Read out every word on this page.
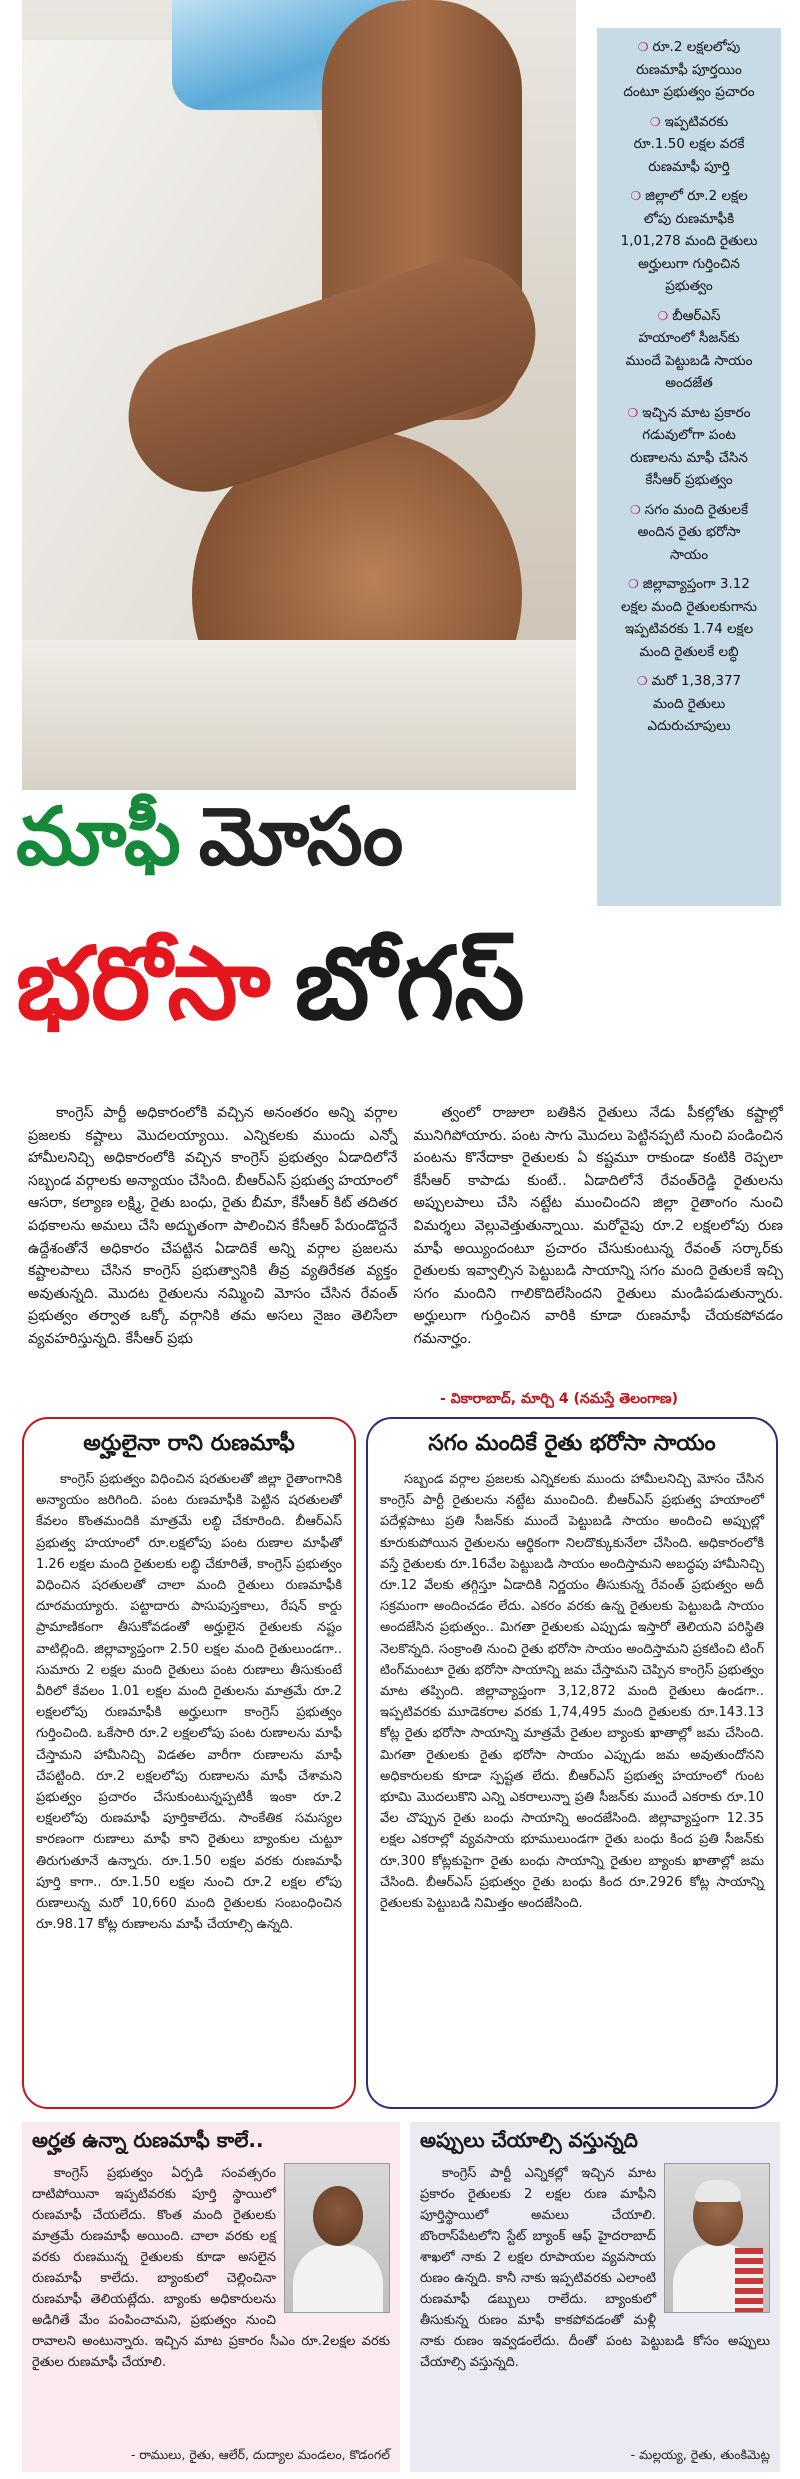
❍ రూ.2 లక్షలలోపు
రుణమాఫీ పూర్తయిం
దంటూ ప్రభుత్వం ప్రచారం
❍ ఇప్పటివరకు
రూ.1.50 లక్షల వరకే
రుణమాఫీ పూర్తి
❍ జిల్లాలో రూ.2 లక్షల
లోపు రుణమాఫీకి
1,01,278 మంది రైతులు
అర్హులుగా గుర్తించిన
ప్రభుత్వం
❍ బీఆర్ఎస్
హయాంలో సీజన్‌కు
ముందే పెట్టుబడి సాయం
అందజేత
❍ ఇచ్చిన మాట ప్రకారం
గడువులోగా పంట
రుణాలను మాఫీ చేసిన
కేసీఆర్ ప్రభుత్వం
❍ సగం మంది రైతులకే
అందిన రైతు భరోసా
సాయం
❍ జిల్లావ్యాప్తంగా 3.12
లక్షల మంది రైతులకుగాను
ఇప్పటివరకు 1.74 లక్షల
మంది రైతులకే లబ్ధి
❍ మరో 1,38,377
మంది రైతులు
ఎదురుచూపులు
మాఫీ మోసం
భరోసా బోగస్

కాంగ్రెస్ పార్టీ అధికారంలోకి వచ్చిన అనంతరం అన్ని వర్గాల ప్రజలకు కష్టాలు మొదలయ్యాయి. ఎన్నికలకు ముందు ఎన్నో హామీలనిచ్చి అధికారంలోకి వచ్చిన కాంగ్రెస్ ప్రభుత్వం ఏడాదిలోనే సబ్బండ వర్గాలకు అన్యాయం చేసింది. బీఆర్ఎస్ ప్రభుత్వ హయాంలో ఆసరా, కల్యాణ లక్ష్మి, రైతు బంధు, రైతు బీమా, కేసీఆర్ కిట్ తదితర పథకాలను అమలు చేసి అద్భుతంగా పాలించిన కేసీఆర్ పేరుండొద్దనే ఉద్దేశంతోనే అధికారం చేపట్టిన ఏడాదికే అన్ని వర్గాల ప్రజలను కష్టాలపాలు చేసిన కాంగ్రెస్ ప్రభుత్వానికి తీవ్ర వ్యతిరేకత వ్యక్తం అవుతున్నది. మొదట రైతులను నమ్మించి మోసం చేసిన రేవంత్ ప్రభుత్వం తర్వాత ఒక్కో వర్గానికి తమ అసలు నైజం తెలిసేలా వ్యవహరిస్తున్నది. కేసీఆర్ ప్రభు

త్వంలో రాజులా బతికిన రైతులు నేడు పీకల్లోతు కష్టాల్లో మునిగిపోయారు. పంట సాగు మొదలు పెట్టినప్పటి నుంచి పండించిన పంటను కొనేదాకా రైతులకు ఏ కష్టమూ రాకుండా కంటికి రెప్పలా కేసీఆర్ కాపాడు కుంటే.. ఏడాదిలోనే రేవంత్‌రెడ్డి రైతులను అప్పులపాలు చేసి నట్టేట ముంచిందని జిల్లా రైతాంగం నుంచి విమర్శలు వెల్లువెత్తుతున్నాయి. మరోవైపు రూ.2 లక్షలలోపు రుణ మాఫీ అయ్యిందంటూ ప్రచారం చేసుకుంటున్న రేవంత్ సర్కార్‌కు రైతులకు ఇవ్వాల్సిన పెట్టుబడి సాయాన్ని సగం మంది రైతులకే ఇచ్చి సగం మందిని గాలికొదిలేసిందని రైతులు మండిపడుతున్నారు. అర్హులుగా గుర్తించిన వారికి కూడా రుణమాఫీ చేయకపోవడం గమనార్హం.

- వికారాబాద్, మార్చి 4 (నమస్తే తెలంగాణ)
అర్హులైనా రాని రుణమాఫీ

కాంగ్రెస్ ప్రభుత్వం విధించిన షరతులతో జిల్లా రైతాంగానికి అన్యాయం జరిగింది. పంట రుణమాఫీకి పెట్టిన షరతులతో కేవలం కొంతమందికి మాత్రమే లబ్ధి చేకూరింది. బీఆర్ఎస్ ప్రభుత్వ హయాంలో రూ.లక్షలోపు పంట రుణాల మాఫీతో 1.26 లక్షల మంది రైతులకు లబ్ధి చేకూరితే, కాంగ్రెస్ ప్రభుత్వం విధించిన షరతులతో చాలా మంది రైతులు రుణమాఫీకి దూరమయ్యారు. పట్టాదారు పాసుపుస్తకాలు, రేషన్ కార్డు ప్రామాణికంగా తీసుకోవడంతో అర్హులైన రైతులకు నష్టం వాటిల్లింది. జిల్లావ్యాప్తంగా 2.50 లక్షల మంది రైతులుండగా.. సుమారు 2 లక్షల మంది రైతులు పంట రుణాలు తీసుకుంటే వీరిలో కేవలం 1.01 లక్షల మంది రైతులను మాత్రమే రూ.2 లక్షలలోపు రుణమాఫీకి అర్హులుగా కాంగ్రెస్ ప్రభుత్వం గుర్తించింది. ఒకేసారి రూ.2 లక్షలలోపు పంట రుణాలను మాఫీ చేస్తామని హామీనిచ్చి విడతల వారీగా రుణాలను మాఫీ చేపట్టింది. రూ.2 లక్షలలోపు రుణాలను మాఫీ చేశామని ప్రభుత్వం ప్రచారం చేసుకుంటున్నప్పటికీ ఇంకా రూ.2 లక్షలలోపు రుణమాఫీ పూర్తికాలేదు. సాంకేతిక సమస్యల కారణంగా రుణాలు మాఫీ కాని రైతులు బ్యాంకుల చుట్టూ తిరుగుతూనే ఉన్నారు. రూ.1.50 లక్షల వరకు రుణమాఫీ పూర్తి కాగా.. రూ.1.50 లక్షల నుంచి రూ.2 లక్షల లోపు రుణాలున్న మరో 10,660 మంది రైతులకు సంబంధించిన రూ.98.17 కోట్ల రుణాలను మాఫీ చేయాల్సి ఉన్నది.

సగం మందికే రైతు భరోసా సాయం

సబ్బండ వర్గాల ప్రజలకు ఎన్నికలకు ముందు హామీలనిచ్చి మోసం చేసిన కాంగ్రెస్ పార్టీ రైతులను నట్టేట ముంచింది. బీఆర్ఎస్ ప్రభుత్వ హయాంలో పదేళ్లపాటు ప్రతి సీజన్‌కు ముందే పెట్టుబడి సాయం అందించి అప్పుల్లో కూరుకుపోయిన రైతులను ఆర్థికంగా నిలదొక్కుకునేలా చేసింది. అధికారంలోకి వస్తే రైతులకు రూ.16వేల పెట్టుబడి సాయం అందిస్తామని అబద్ధపు హామీనిచ్చి రూ.12 వేలకు తగ్గిస్తూ ఏడాదికి నిర్ణయం తీసుకున్న రేవంత్ ప్రభుత్వం అదీ సక్రమంగా అందించడం లేదు. ఎకరం వరకు ఉన్న రైతులకు పెట్టుబడి సాయం అందజేసిన ప్రభుత్వం.. మిగతా రైతులకు ఎప్పుడు ఇస్తారో తెలియని పరిస్థితి నెలకొన్నది. సంక్రాంతి నుంచి రైతు భరోసా సాయం అందిస్తామని ప్రకటించి టింగ్ టింగ్‌మంటూ రైతు భరోసా సాయాన్ని జమ చేస్తామని చెప్పిన కాంగ్రెస్ ప్రభుత్వం మాట తప్పింది. జిల్లావ్యాప్తంగా 3,12,872 మంది రైతులు ఉండగా.. ఇప్పటివరకు మూడెకరాల వరకు 1,74,495 మంది రైతులకు రూ.143.13 కోట్ల రైతు భరోసా సాయాన్ని మాత్రమే రైతుల బ్యాంకు ఖాతాల్లో జమ చేసింది. మిగతా రైతులకు రైతు భరోసా సాయం ఎప్పుడు జమ అవుతుందోనని అధికారులకు కూడా స్పష్టత లేదు. బీఆర్ఎస్ ప్రభుత్వ హయాంలో గుంట భూమి మొదలుకొని ఎన్ని ఎకరాలున్నా ప్రతి సీజన్‌కు ముందే ఎకరాకు రూ.10 వేల చొప్పున రైతు బంధు సాయాన్ని అందజేసింది. జిల్లావ్యాప్తంగా 12.35 లక్షల ఎకరాల్లో వ్యవసాయ భూములుండగా రైతు బంధు కింద ప్రతి సీజన్‌కు రూ.300 కోట్లకుపైగా రైతు బంధు సాయాన్ని రైతుల బ్యాంకు ఖాతాల్లో జమ చేసింది. బీఆర్ఎస్ ప్రభుత్వం రైతు బంధు కింద రూ.2926 కోట్ల సాయాన్ని రైతులకు పెట్టుబడి నిమిత్తం అందజేసింది.

అర్హత ఉన్నా రుణమాఫీ కాలే..

కాంగ్రెస్ ప్రభుత్వం ఏర్పడి సంవత్సరం దాటిపోయినా ఇప్పటివరకు పూర్తి స్థాయిలో రుణమాఫీ చేయలేదు. కొంత మంది రైతులకు మాత్రమే రుణమాఫీ అయింది. చాలా వరకు లక్ష వరకు రుణమున్న రైతులకు కూడా అసలైన రుణమాఫీ కాలేదు. బ్యాంకులో చెల్లించినా రుణమాఫీ తెలియట్లేదు. బ్యాంకు అధికారులను అడిగితే మేం పంపించామని, ప్రభుత్వం నుంచి రావాలని అంటున్నారు. ఇచ్చిన మాట ప్రకారం సీఎం రూ.2లక్షల వరకు రైతుల రుణమాఫీ చేయాలి.

- రాములు, రైతు, ఆలేర్, దుద్యాల మండలం, కొడంగల్
అప్పులు చేయాల్సి వస్తున్నది

కాంగ్రెస్ పార్టీ ఎన్నికల్లో ఇచ్చిన మాట ప్రకారం రైతులకు 2 లక్షల రుణ మాఫీని పూర్తిస్థాయిలో అమలు చేయాలి. బొంరాస్‌పేటలోని స్టేట్ బ్యాంక్ ఆఫ్ హైదరాబాద్ శాఖలో నాకు 2 లక్షల రూపాయల వ్యవసాయ రుణం ఉన్నది. కానీ నాకు ఇప్పటివరకు ఎలాంటి రుణమాఫీ డబ్బులు రాలేదు. బ్యాంకులో తీసుకున్న రుణం మాఫీ కాకపోవడంతో మళ్లీ నాకు రుణం ఇవ్వడంలేదు. దీంతో పంట పెట్టుబడి కోసం అప్పులు చేయాల్సి వస్తున్నది.

- మల్లయ్య, రైతు, తుంకిమెట్ల
